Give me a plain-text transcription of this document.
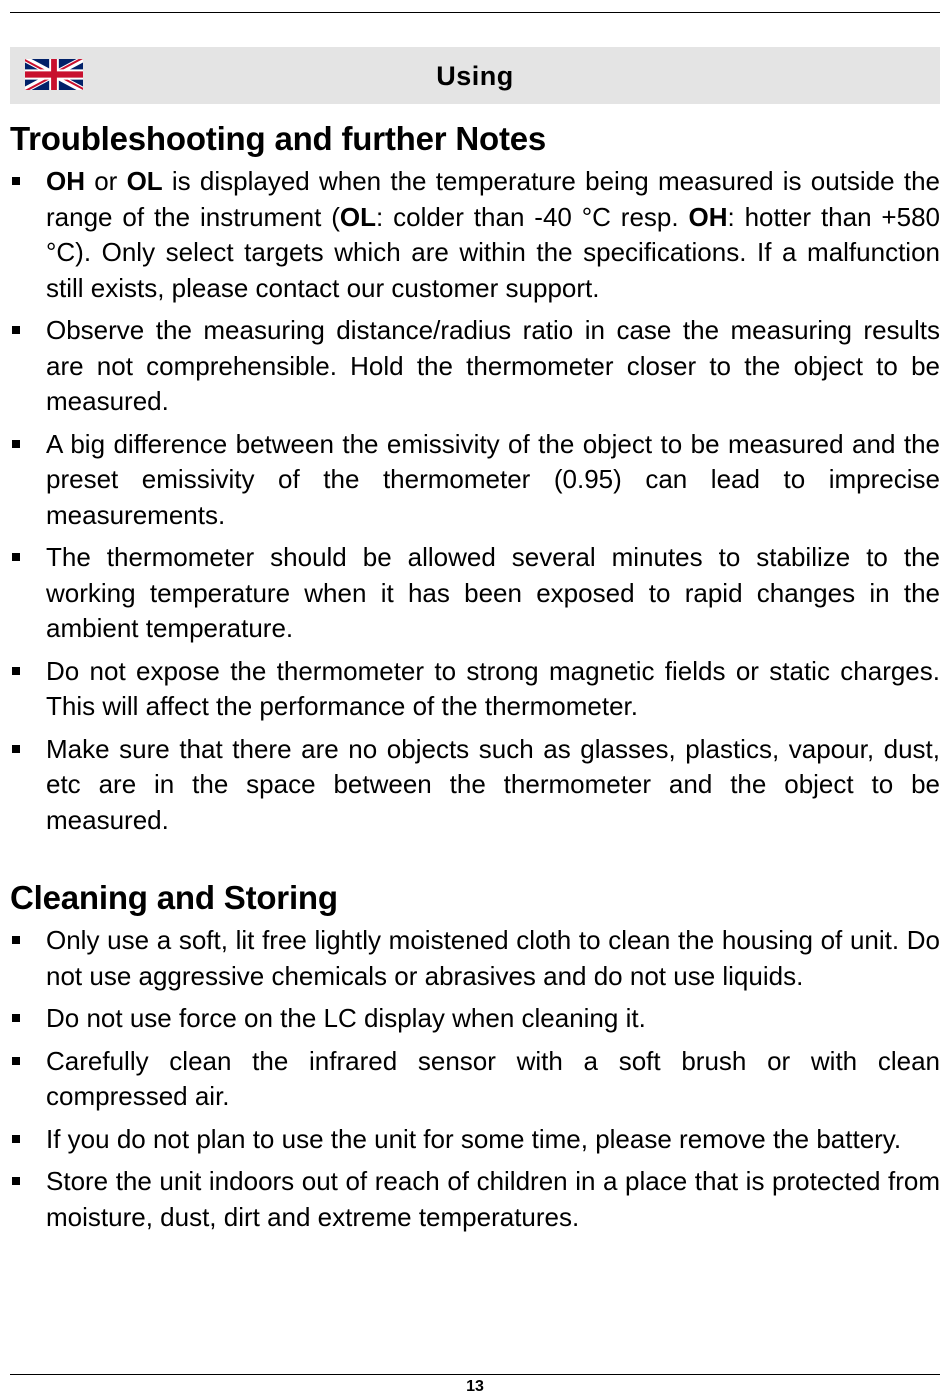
Using
Troubleshooting and further Notes
OH or OL is displayed when the temperature being measured is outside the range of the instrument (OL: colder than -40 °C resp. OH: hotter than +580 °C). Only select targets which are within the specifications. If a malfunction still exists, please contact our customer support.
Observe the measuring distance/radius ratio in case the measuring results are not comprehensible. Hold the thermometer closer to the object to be measured.
A big difference between the emissivity of the object to be measured and the preset emissivity of the thermometer (0.95) can lead to imprecise measurements.
The thermometer should be allowed several minutes to stabilize to the working temperature when it has been exposed to rapid changes in the ambient temperature.
Do not expose the thermometer to strong magnetic fields or static charges. This will affect the performance of the thermometer.
Make sure that there are no objects such as glasses, plastics, vapour, dust, etc are in the space between the thermometer and the object to be measured.
Cleaning and Storing
Only use a soft, lit free lightly moistened cloth to clean the housing of unit. Do not use aggressive chemicals or abrasives and do not use liquids.
Do not use force on the LC display when cleaning it.
Carefully clean the infrared sensor with a soft brush or with clean compressed air.
If you do not plan to use the unit for some time, please remove the battery.
Store the unit indoors out of reach of children in a place that is protected from moisture, dust, dirt and extreme temperatures.
13
